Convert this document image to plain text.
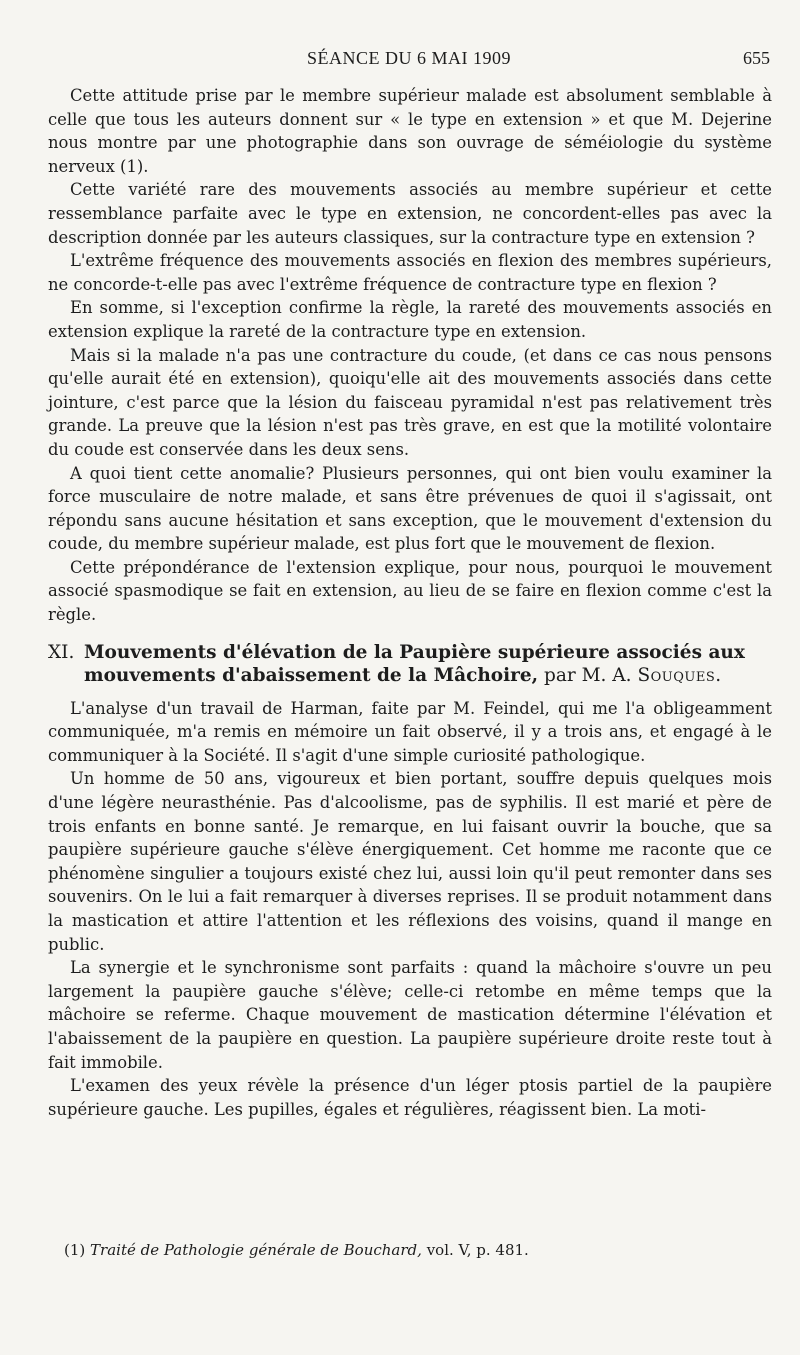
SÉANCE DU 6 MAI 1909	655

Cette attitude prise par le membre supérieur malade est absolument semblable à celle que tous les auteurs donnent sur « le type en extension » et que M. Dejerine nous montre par une photographie dans son ouvrage de séméiologie du système nerveux (1).

Cette variété rare des mouvements associés au membre supérieur et cette ressemblance parfaite avec le type en extension, ne concordent-elles pas avec la description donnée par les auteurs classiques, sur la contracture type en extension ?

L'extrême fréquence des mouvements associés en flexion des membres supérieurs, ne concorde-t-elle pas avec l'extrême fréquence de contracture type en flexion ?

En somme, si l'exception confirme la règle, la rareté des mouvements associés en extension explique la rareté de la contracture type en extension.

Mais si la malade n'a pas une contracture du coude, (et dans ce cas nous pensons qu'elle aurait été en extension), quoiqu'elle ait des mouvements associés dans cette jointure, c'est parce que la lésion du faisceau pyramidal n'est pas relativement très grande. La preuve que la lésion n'est pas très grave, en est que la motilité volontaire du coude est conservée dans les deux sens.

A quoi tient cette anomalie? Plusieurs personnes, qui ont bien voulu examiner la force musculaire de notre malade, et sans être prévenues de quoi il s'agissait, ont répondu sans aucune hésitation et sans exception, que le mouvement d'extension du coude, du membre supérieur malade, est plus fort que le mouvement de flexion.

Cette prépondérance de l'extension explique, pour nous, pourquoi le mouvement associé spasmodique se fait en extension, au lieu de se faire en flexion comme c'est la règle.

XI. Mouvements d'élévation de la Paupière supérieure associés aux mouvements d'abaissement de la Mâchoire, par M. A. Souques.

L'analyse d'un travail de Harman, faite par M. Feindel, qui me l'a obligeamment communiquée, m'a remis en mémoire un fait observé, il y a trois ans, et engagé à le communiquer à la Société. Il s'agit d'une simple curiosité pathologique.

Un homme de 50 ans, vigoureux et bien portant, souffre depuis quelques mois d'une légère neurasthénie. Pas d'alcoolisme, pas de syphilis. Il est marié et père de trois enfants en bonne santé. Je remarque, en lui faisant ouvrir la bouche, que sa paupière supérieure gauche s'élève énergiquement. Cet homme me raconte que ce phénomène singulier a toujours existé chez lui, aussi loin qu'il peut remonter dans ses souvenirs. On le lui a fait remarquer à diverses reprises. Il se produit notamment dans la mastication et attire l'attention et les réflexions des voisins, quand il mange en public.

La synergie et le synchronisme sont parfaits : quand la mâchoire s'ouvre un peu largement la paupière gauche s'élève; celle-ci retombe en même temps que la mâchoire se referme. Chaque mouvement de mastication détermine l'élévation et l'abaissement de la paupière en question. La paupière supérieure droite reste tout à fait immobile.

L'examen des yeux révèle la présence d'un léger ptosis partiel de la paupière supérieure gauche. Les pupilles, égales et régulières, réagissent bien. La moti-

(1) Traité de Pathologie générale de Bouchard, vol. V, p. 481.
